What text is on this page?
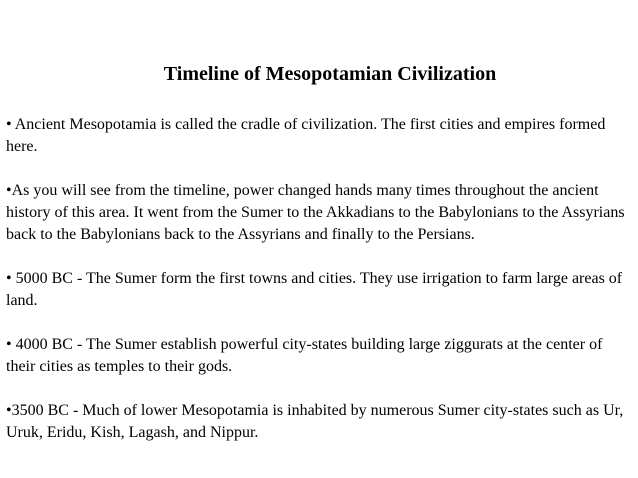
Timeline of Mesopotamian Civilization

• Ancient Mesopotamia is called the cradle of civilization. The first cities and empires formed here.

•As you will see from the timeline, power changed hands many times throughout the ancient history of this area. It went from the Sumer to the Akkadians to the Babylonians to the Assyrians back to the Babylonians back to the Assyrians and finally to the Persians.

• 5000 BC - The Sumer form the first towns and cities. They use irrigation to farm large areas of land.

• 4000 BC - The Sumer establish powerful city-states building large ziggurats at the center of their cities as temples to their gods.

•3500 BC - Much of lower Mesopotamia is inhabited by numerous Sumer city-states such as Ur, Uruk, Eridu, Kish, Lagash, and Nippur.
